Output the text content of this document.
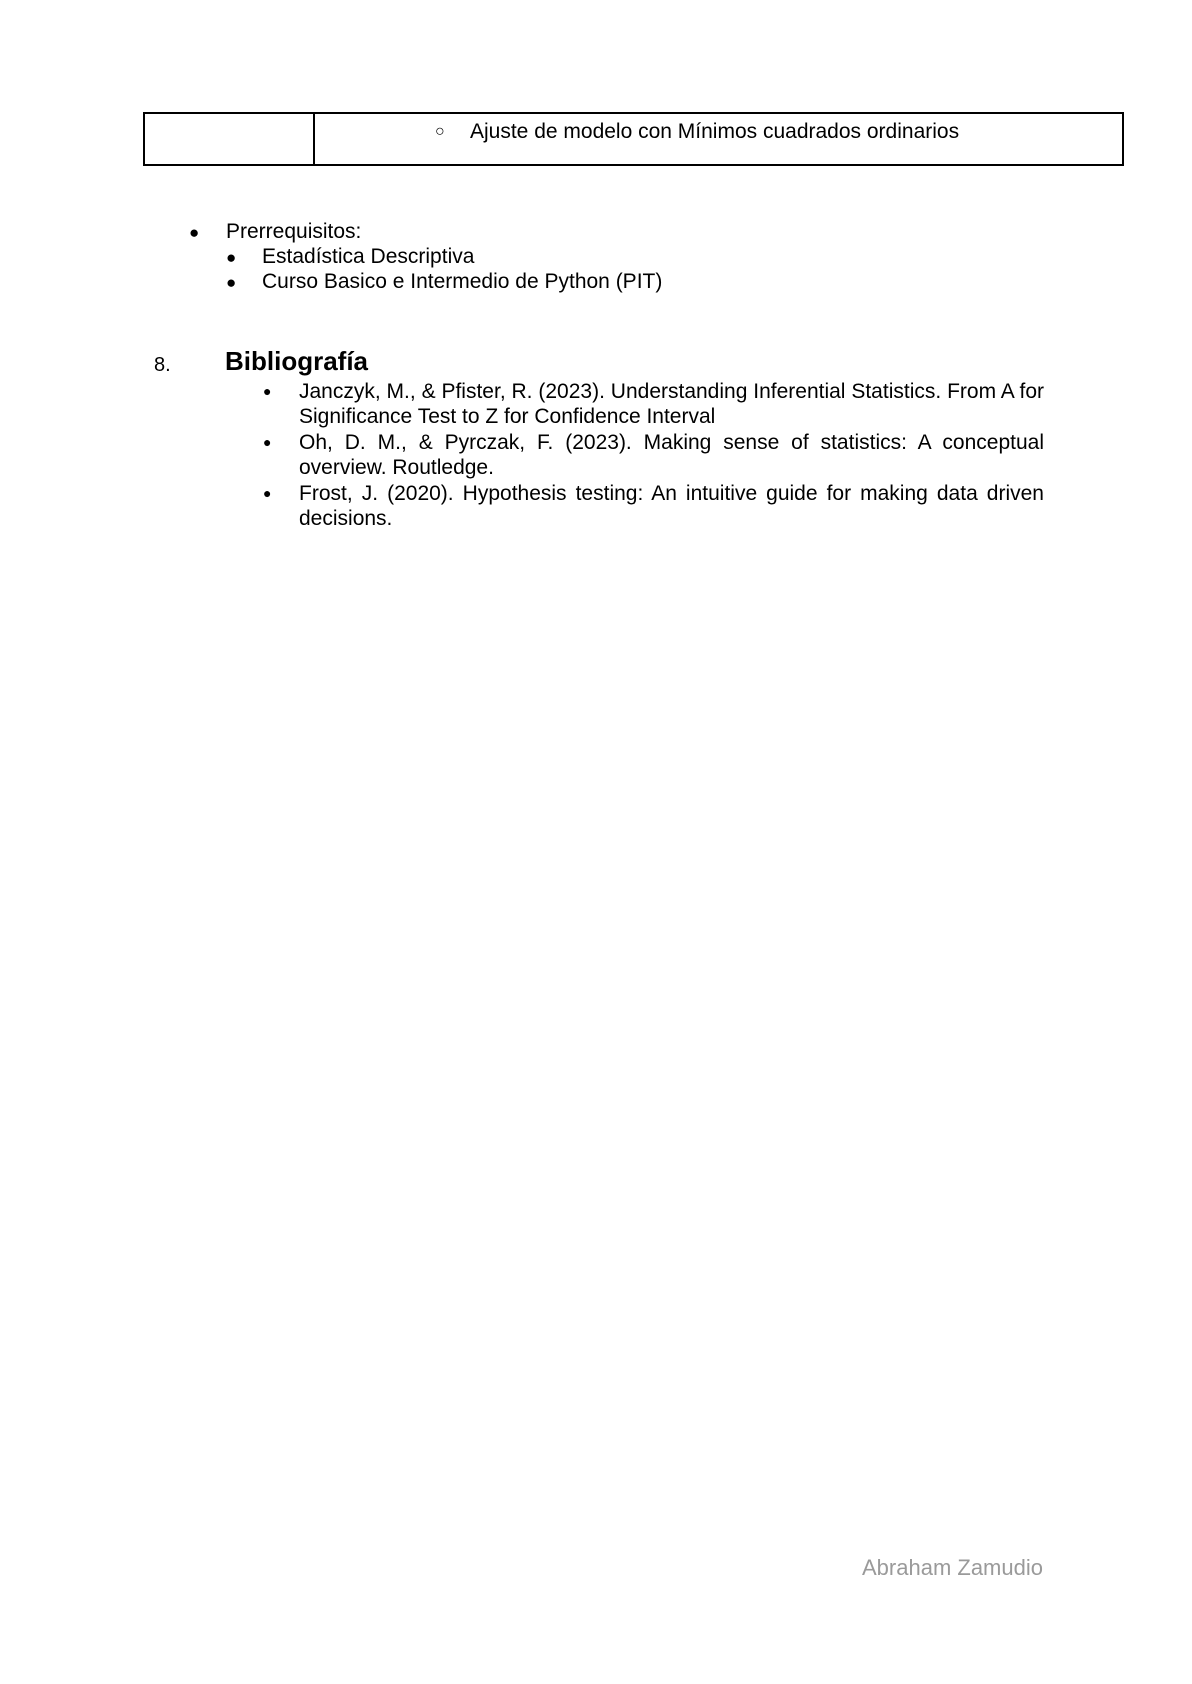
○ Ajuste de modelo con Mínimos cuadrados ordinarios
● Prerrequisitos:
● Estadística Descriptiva
● Curso Basico e Intermedio de Python (PIT)
8. Bibliografía
● Janczyk, M., & Pfister, R. (2023). Understanding Inferential Statistics. From A for Significance Test to Z for Confidence Interval
● Oh, D. M., & Pyrczak, F. (2023). Making sense of statistics: A conceptual overview. Routledge.
● Frost, J. (2020). Hypothesis testing: An intuitive guide for making data driven decisions.
Abraham Zamudio
